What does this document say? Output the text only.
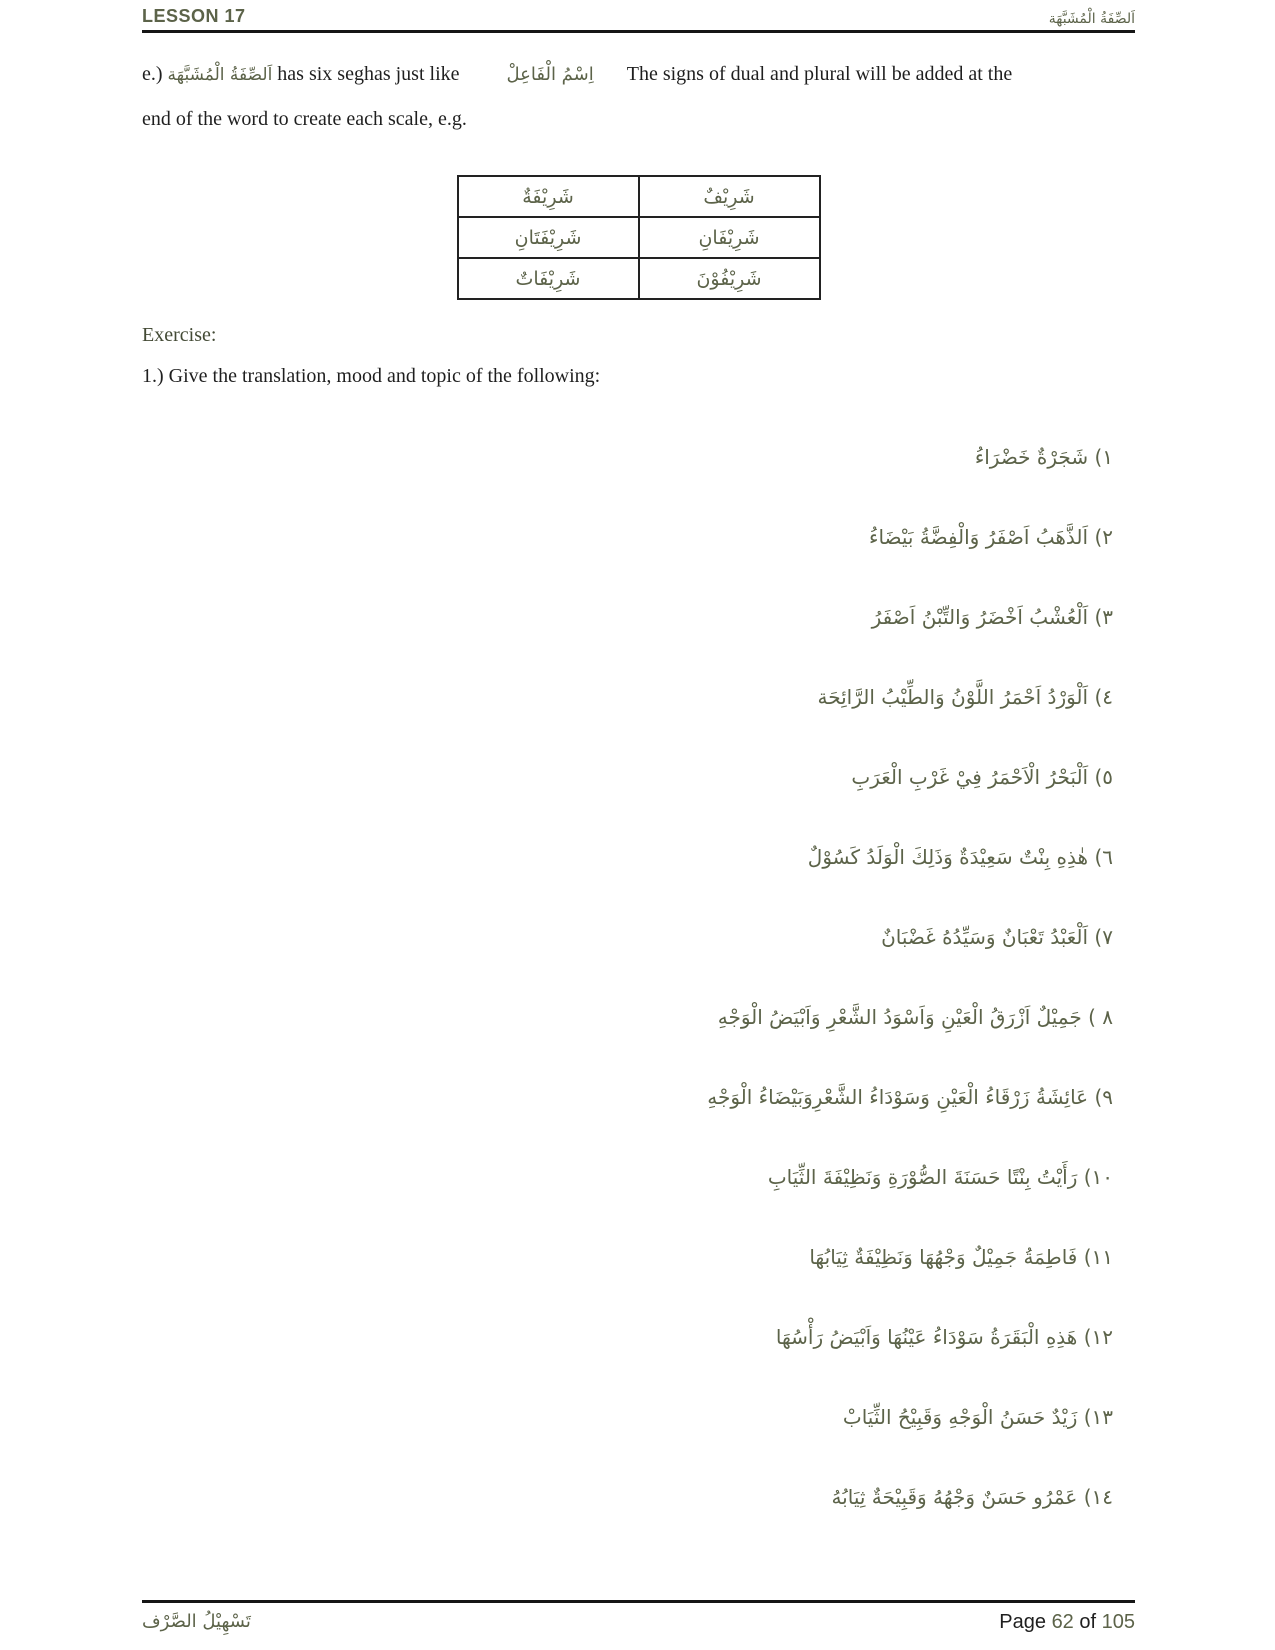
LESSON 17	اَلصِّفَةُ الْمُشَبَّهَة
e.) اَلصِّفَةُ الْمُشَبَّهَة has six seghas just like	اِسْمُ الْفَاعِلْ The signs of dual and plural will be added at the
end of the word to create each scale, e.g.
شَرِيْفَةٌ	شَرِيْفٌ
شَرِيْفَتَانِ	شَرِيْفَانِ
شَرِيْفَاتٌ	شَرِيْفُوْنَ
Exercise:
1.) Give the translation, mood and topic of the following:
١) شَجَرْةٌ خَضْرَاءُ
٢) اَلذَّهَبُ اَصْفَرُ وَالْفِضَّةُ بَيْضَاءُ
٣) اَلْعُشْبُ اَخْضَرُ وَالتِّبْنُ اَصْفَرُ
٤) اَلْوَرْدُ اَحْمَرُ اللَّوْنُ وَالطِّيْبُ الرَّائِحَة
٥) اَلْبَحْرُ الْاَحْمَرُ فِيْ غَرْبِ الْعَرَبِ
٦) هٰذِهِ بِنْتٌ سَعِيْدَةٌ وَذَلِكَ الْوَلَدُ كَسُوْلٌ
٧) اَلْعَبْدُ تَعْبَانٌ وَسَيِّدُهُ غَضْبَانٌ
٨ ) جَمِيْلٌ اَزْرَقُ الْعَيْنِ وَاَسْوَدُ الشَّعْرِ وَاَبْيَضُ الْوَجْهِ
٩) عَائِشَةُ زَرْقَاءُ الْعَيْنِ وَسَوْدَاءُ الشَّعْرِوَبَيْضَاءُ الْوَجْهِ
١٠) رَأَيْتُ بِنْتًا حَسَنَةَ الصُّوْرَةِ وَنَظِيْفَةَ الثِّيَابِ
١١) فَاطِمَةُ جَمِيْلٌ وَجْهُهَا وَنَظِيْفَةٌ ثِيَابُهَا
١٢) هَذِهِ الْبَقَرَةُ سَوْدَاءُ عَيْنُهَا وَاَبْيَضُ رَأْسُهَا
١٣) زَيْدٌ حَسَنُ الْوَجْهِ وَقَبِيْحُ الثِّيَابْ
١٤) عَمْرُو حَسَنٌ وَجْهُهُ وَقَبِيْحَةٌ ثِيَابُهُ
تَسْهِيْلُ الصَّرْف	Page 62 of 105
